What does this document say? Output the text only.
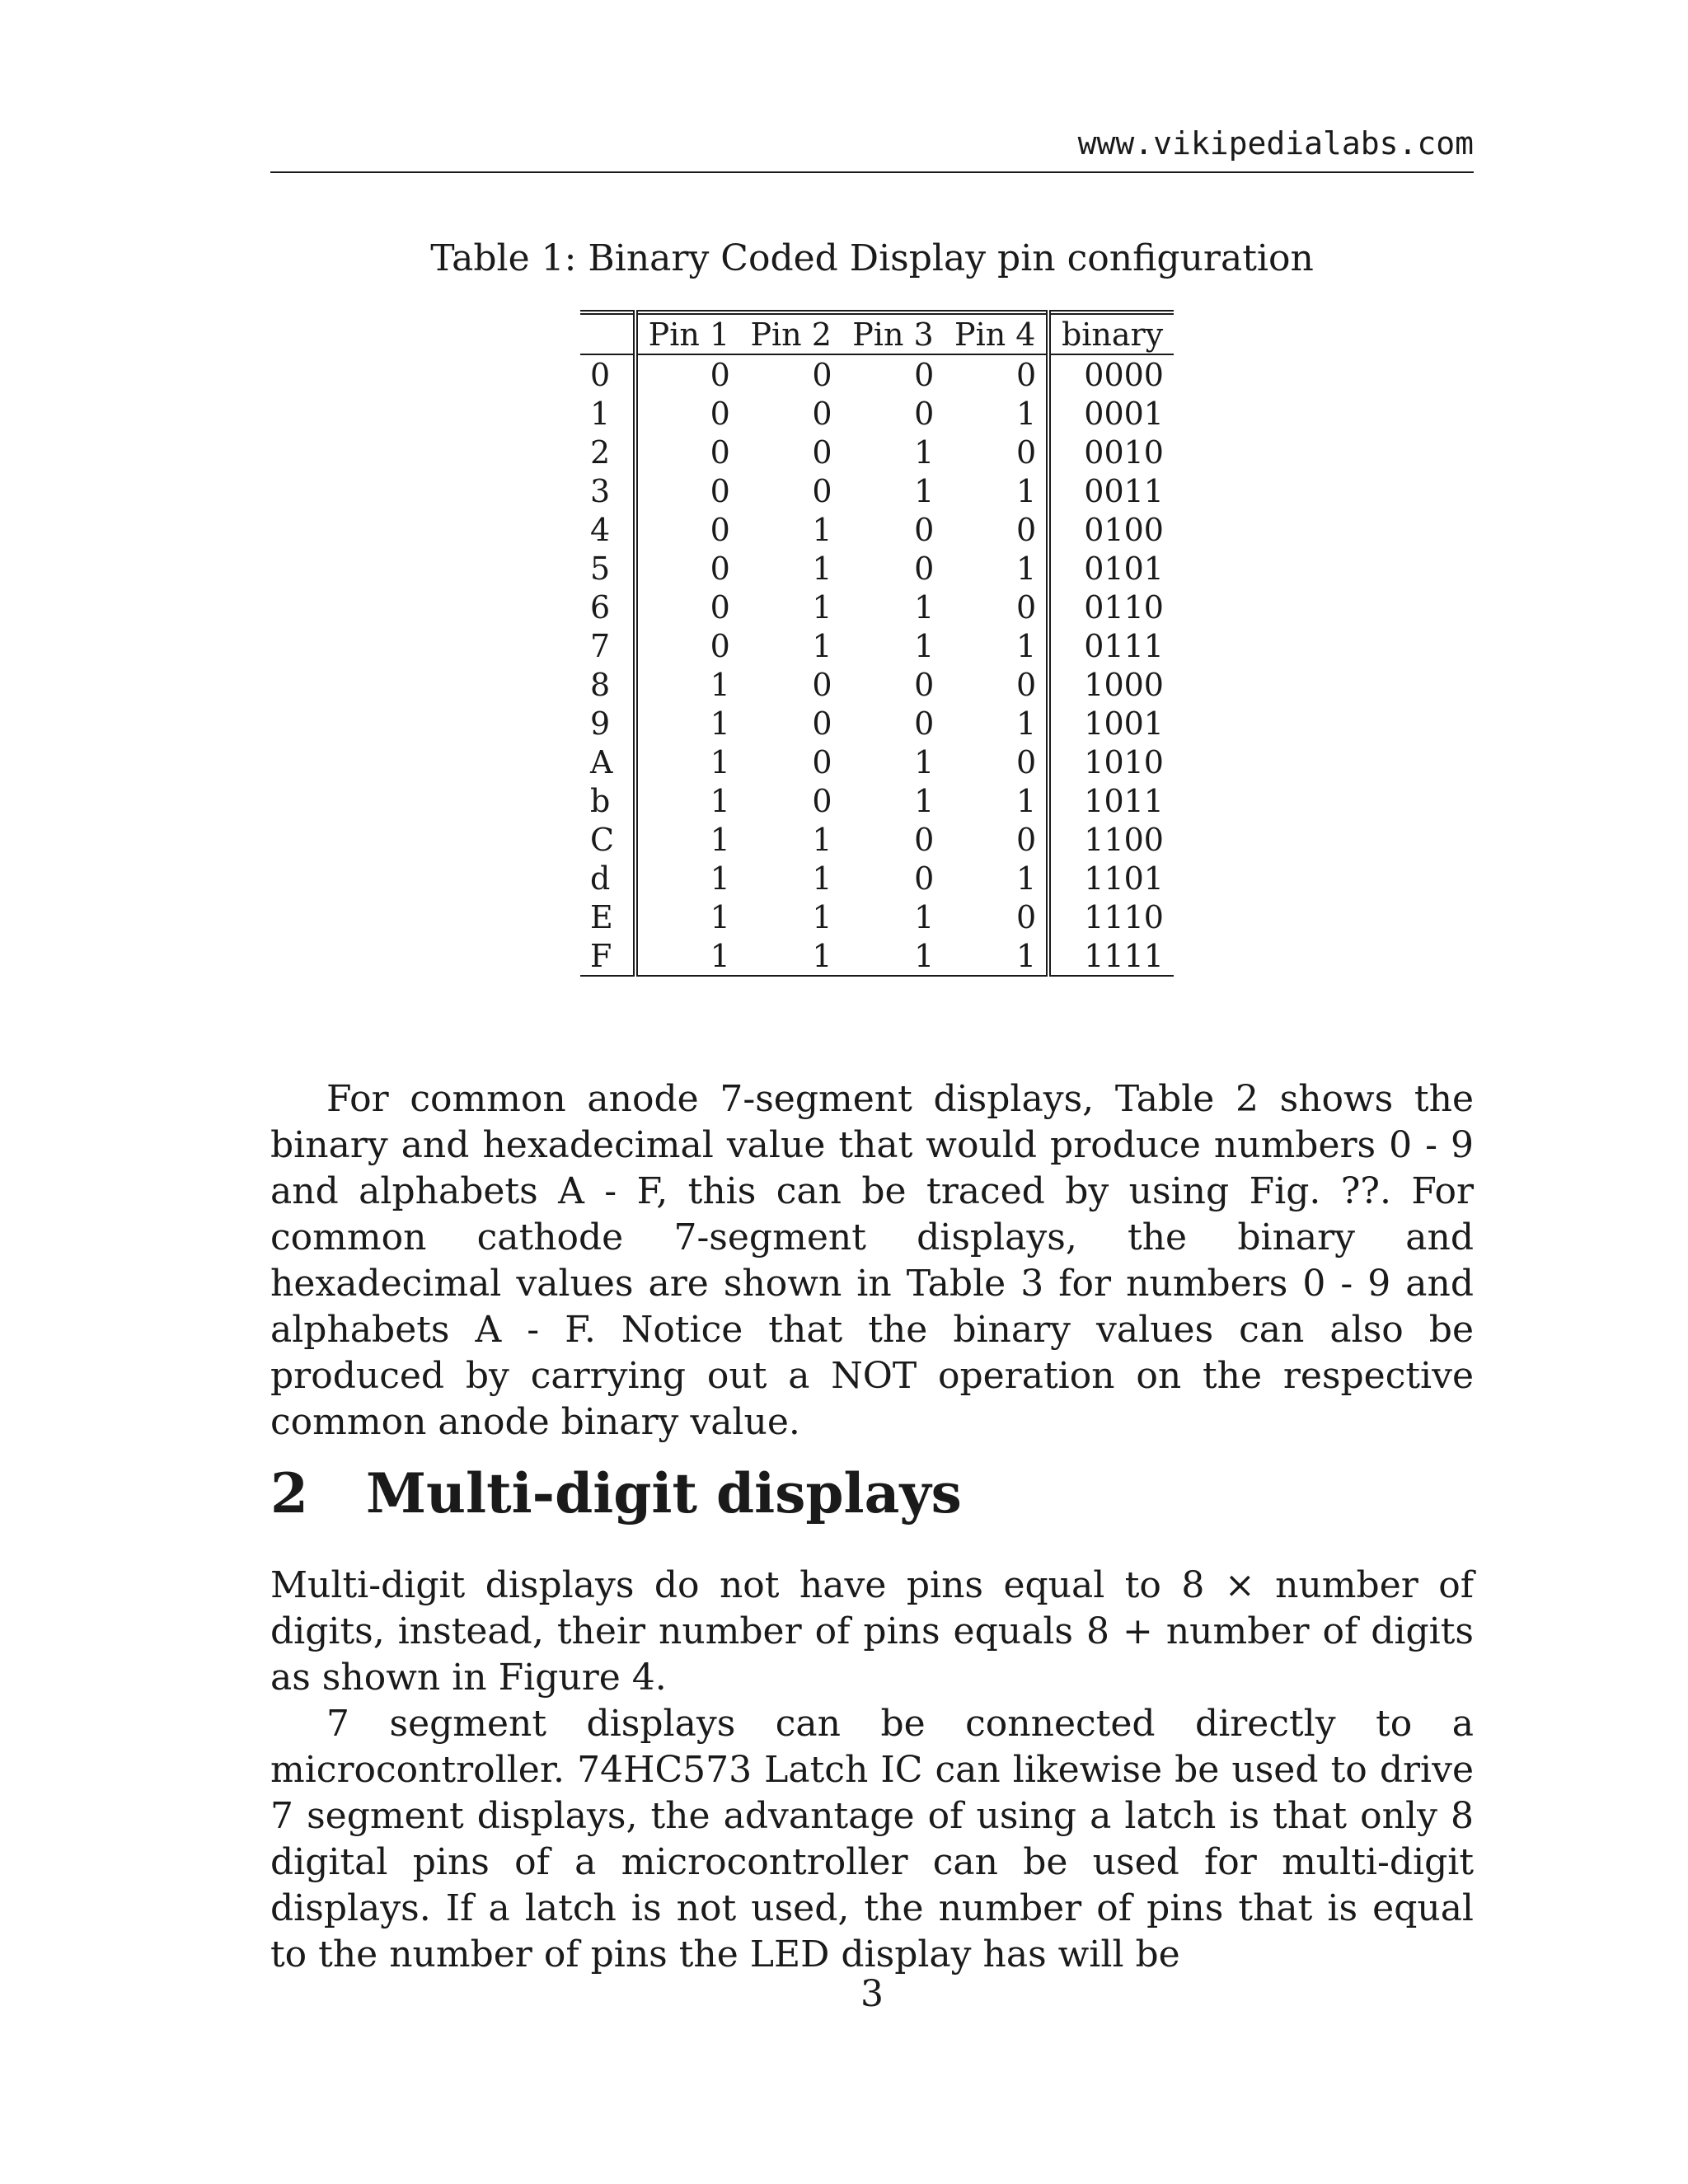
www.vikipedialabs.com
Table 1: Binary Coded Display pin configuration
	Pin 1	Pin 2	Pin 3	Pin 4	binary
0	0	0	0	0	0000
1	0	0	0	1	0001
2	0	0	1	0	0010
3	0	0	1	1	0011
4	0	1	0	0	0100
5	0	1	0	1	0101
6	0	1	1	0	0110
7	0	1	1	1	0111
8	1	0	0	0	1000
9	1	0	0	1	1001
A	1	0	1	0	1010
b	1	0	1	1	1011
C	1	1	0	0	1100
d	1	1	0	1	1101
E	1	1	1	0	1110
F	1	1	1	1	1111
For common anode 7-segment displays, Table 2 shows the binary and hexadecimal value that would produce numbers 0 - 9 and alphabets A - F, this can be traced by using Fig. ??. For common cathode 7-segment displays, the binary and hexadecimal values are shown in Table 3 for numbers 0 - 9 and alphabets A - F. Notice that the binary values can also be produced by carrying out a NOT operation on the respective common anode binary value.
2 Multi-digit displays
Multi-digit displays do not have pins equal to 8 × number of digits, instead, their number of pins equals 8 + number of digits as shown in Figure 4.
7 segment displays can be connected directly to a microcontroller. 74HC573 Latch IC can likewise be used to drive 7 segment displays, the advantage of using a latch is that only 8 digital pins of a microcontroller can be used for multi-digit displays. If a latch is not used, the number of pins that is equal to the number of pins the LED display has will be
3
